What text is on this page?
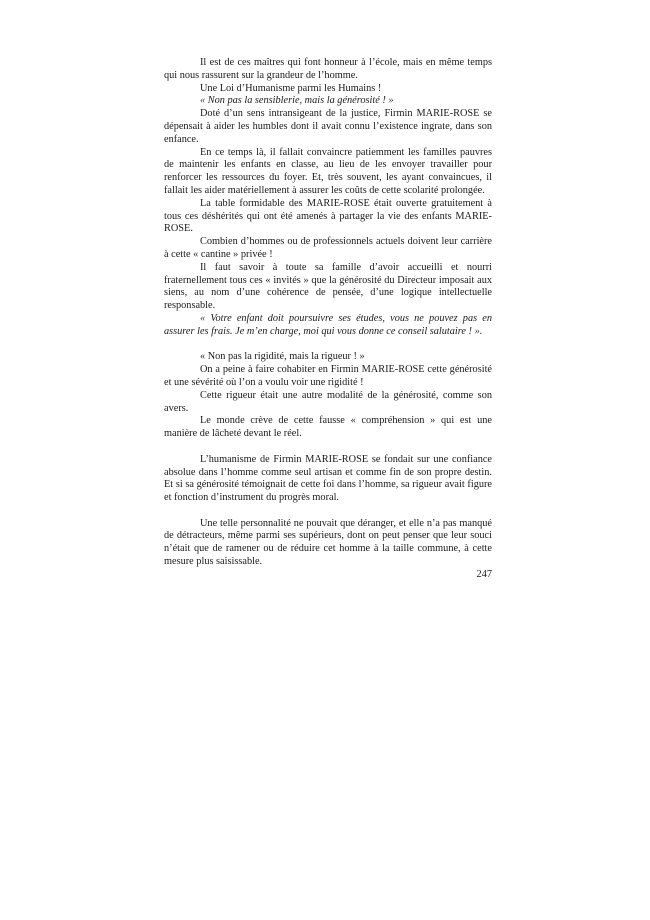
Il est de ces maîtres qui font honneur à l’école, mais en même temps qui nous rassurent sur la grandeur de l’homme.

Une Loi d’Humanisme parmi les Humains !

« Non pas la sensiblerie, mais la générosité ! »

Doté d’un sens intransigeant de la justice, Firmin MARIE-ROSE se dépensait à aider les humbles dont il avait connu l’existence ingrate, dans son enfance.

En ce temps là, il fallait convaincre patiemment les familles pauvres de maintenir les enfants en classe, au lieu de les envoyer travailler pour renforcer les ressources du foyer. Et, très souvent, les ayant convaincues, il fallait les aider matériellement à assurer les coûts de cette scolarité prolongée.

La table formidable des MARIE-ROSE était ouverte gratuitement à tous ces déshérités qui ont été amenés à partager la vie des enfants MARIE-ROSE.

Combien d’hommes ou de professionnels actuels doivent leur carrière à cette « cantine » privée !

Il faut savoir à toute sa famille d’avoir accueilli et nourri fraternellement tous ces « invités » que la générosité du Directeur imposait aux siens, au nom d’une cohérence de pensée, d’une logique intellectuelle responsable.

« Votre enfant doit poursuivre ses études, vous ne pouvez pas en assurer les frais. Je m’en charge, moi qui vous donne ce conseil salutaire ! ».

« Non pas la rigidité, mais la rigueur ! »

On a peine à faire cohabiter en Firmin MARIE-ROSE cette générosité et une sévérité où l’on a voulu voir une rigidité !

Cette rigueur était une autre modalité de la générosité, comme son avers.

Le monde crève de cette fausse « compréhension » qui est une manière de lâcheté devant le réel.

L’humanisme de Firmin MARIE-ROSE se fondait sur une confiance absolue dans l’homme comme seul artisan et comme fin de son propre destin. Et si sa générosité témoignait de cette foi dans l’homme, sa rigueur avait figure et fonction d’instrument du progrès moral.

Une telle personnalité ne pouvait que déranger, et elle n’a pas manqué de détracteurs, même parmi ses supérieurs, dont on peut penser que leur souci n’était que de ramener ou de réduire cet homme à la taille commune, à cette mesure plus saisissable.

247
